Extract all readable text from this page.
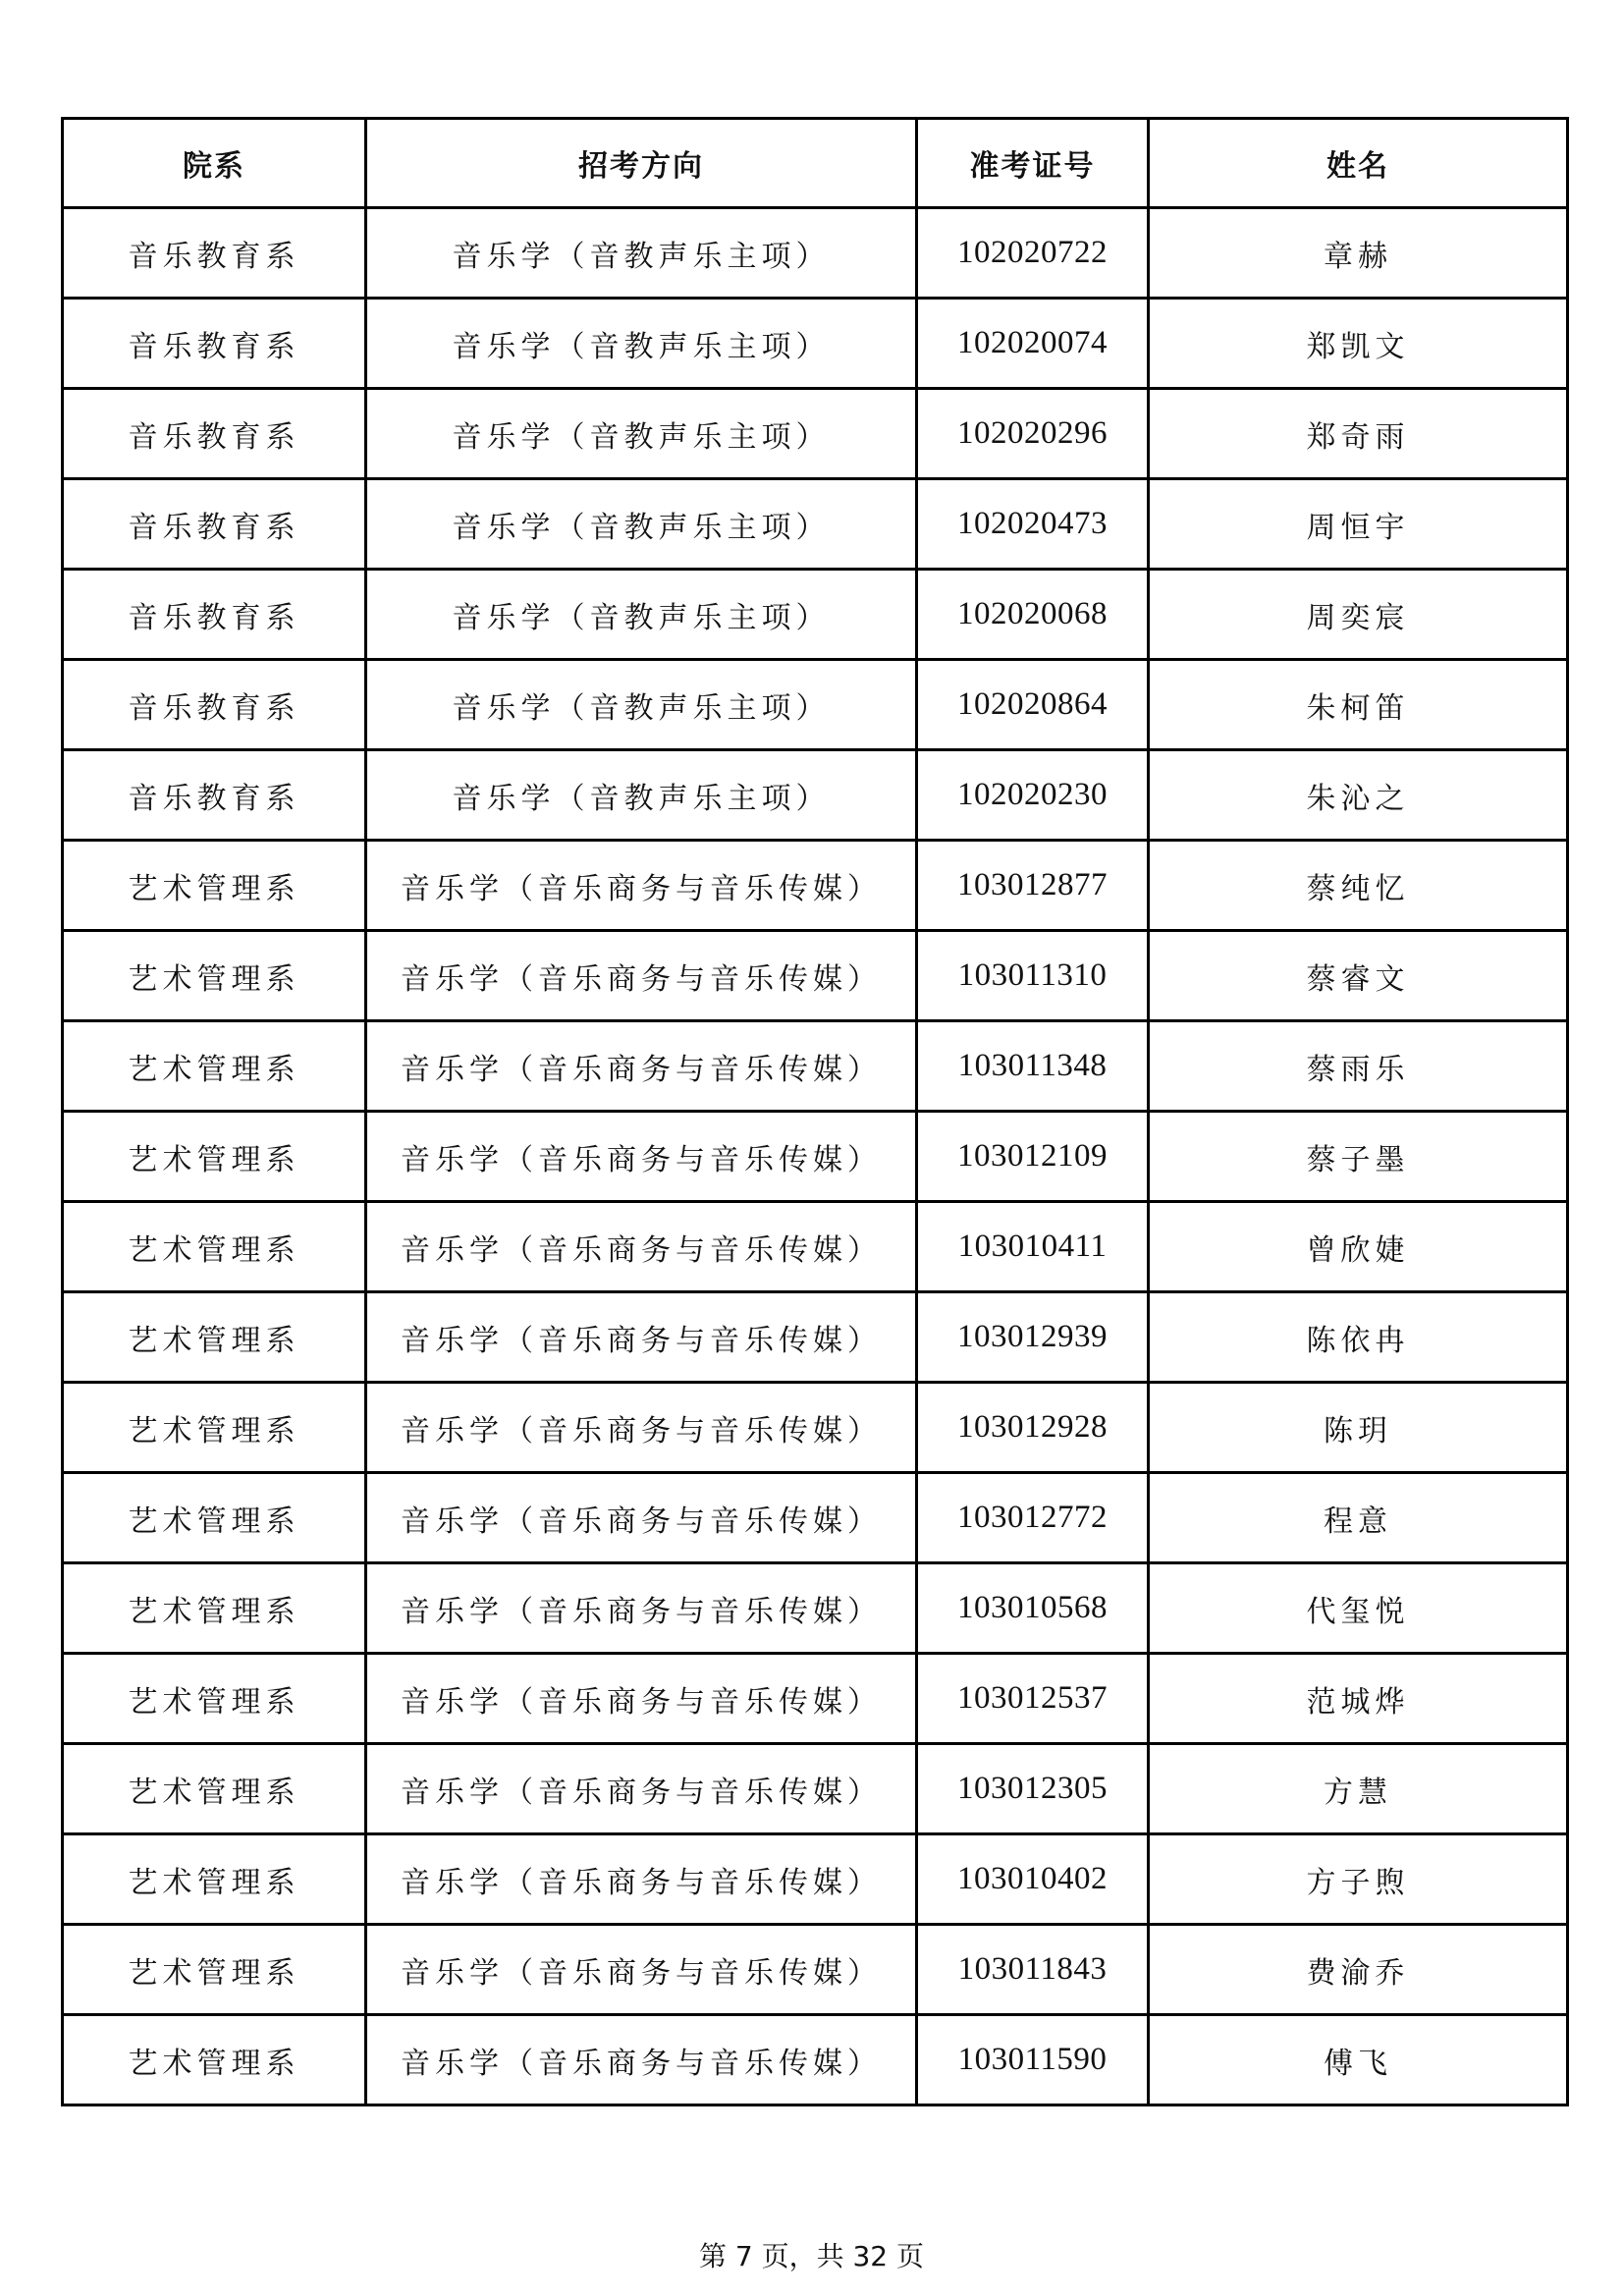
院系	招考方向	准考证号	姓名
音乐教育系	音乐学（音教声乐主项）	102020722	章赫
音乐教育系	音乐学（音教声乐主项）	102020074	郑凯文
音乐教育系	音乐学（音教声乐主项）	102020296	郑奇雨
音乐教育系	音乐学（音教声乐主项）	102020473	周恒宇
音乐教育系	音乐学（音教声乐主项）	102020068	周奕宸
音乐教育系	音乐学（音教声乐主项）	102020864	朱柯笛
音乐教育系	音乐学（音教声乐主项）	102020230	朱沁之
艺术管理系	音乐学（音乐商务与音乐传媒）	103012877	蔡纯忆
艺术管理系	音乐学（音乐商务与音乐传媒）	103011310	蔡睿文
艺术管理系	音乐学（音乐商务与音乐传媒）	103011348	蔡雨乐
艺术管理系	音乐学（音乐商务与音乐传媒）	103012109	蔡子墨
艺术管理系	音乐学（音乐商务与音乐传媒）	103010411	曾欣婕
艺术管理系	音乐学（音乐商务与音乐传媒）	103012939	陈依冉
艺术管理系	音乐学（音乐商务与音乐传媒）	103012928	陈玥
艺术管理系	音乐学（音乐商务与音乐传媒）	103012772	程意
艺术管理系	音乐学（音乐商务与音乐传媒）	103010568	代玺悦
艺术管理系	音乐学（音乐商务与音乐传媒）	103012537	范城烨
艺术管理系	音乐学（音乐商务与音乐传媒）	103012305	方慧
艺术管理系	音乐学（音乐商务与音乐传媒）	103010402	方子煦
艺术管理系	音乐学（音乐商务与音乐传媒）	103011843	费渝乔
艺术管理系	音乐学（音乐商务与音乐传媒）	103011590	傅飞
第 7 页，共 32 页
